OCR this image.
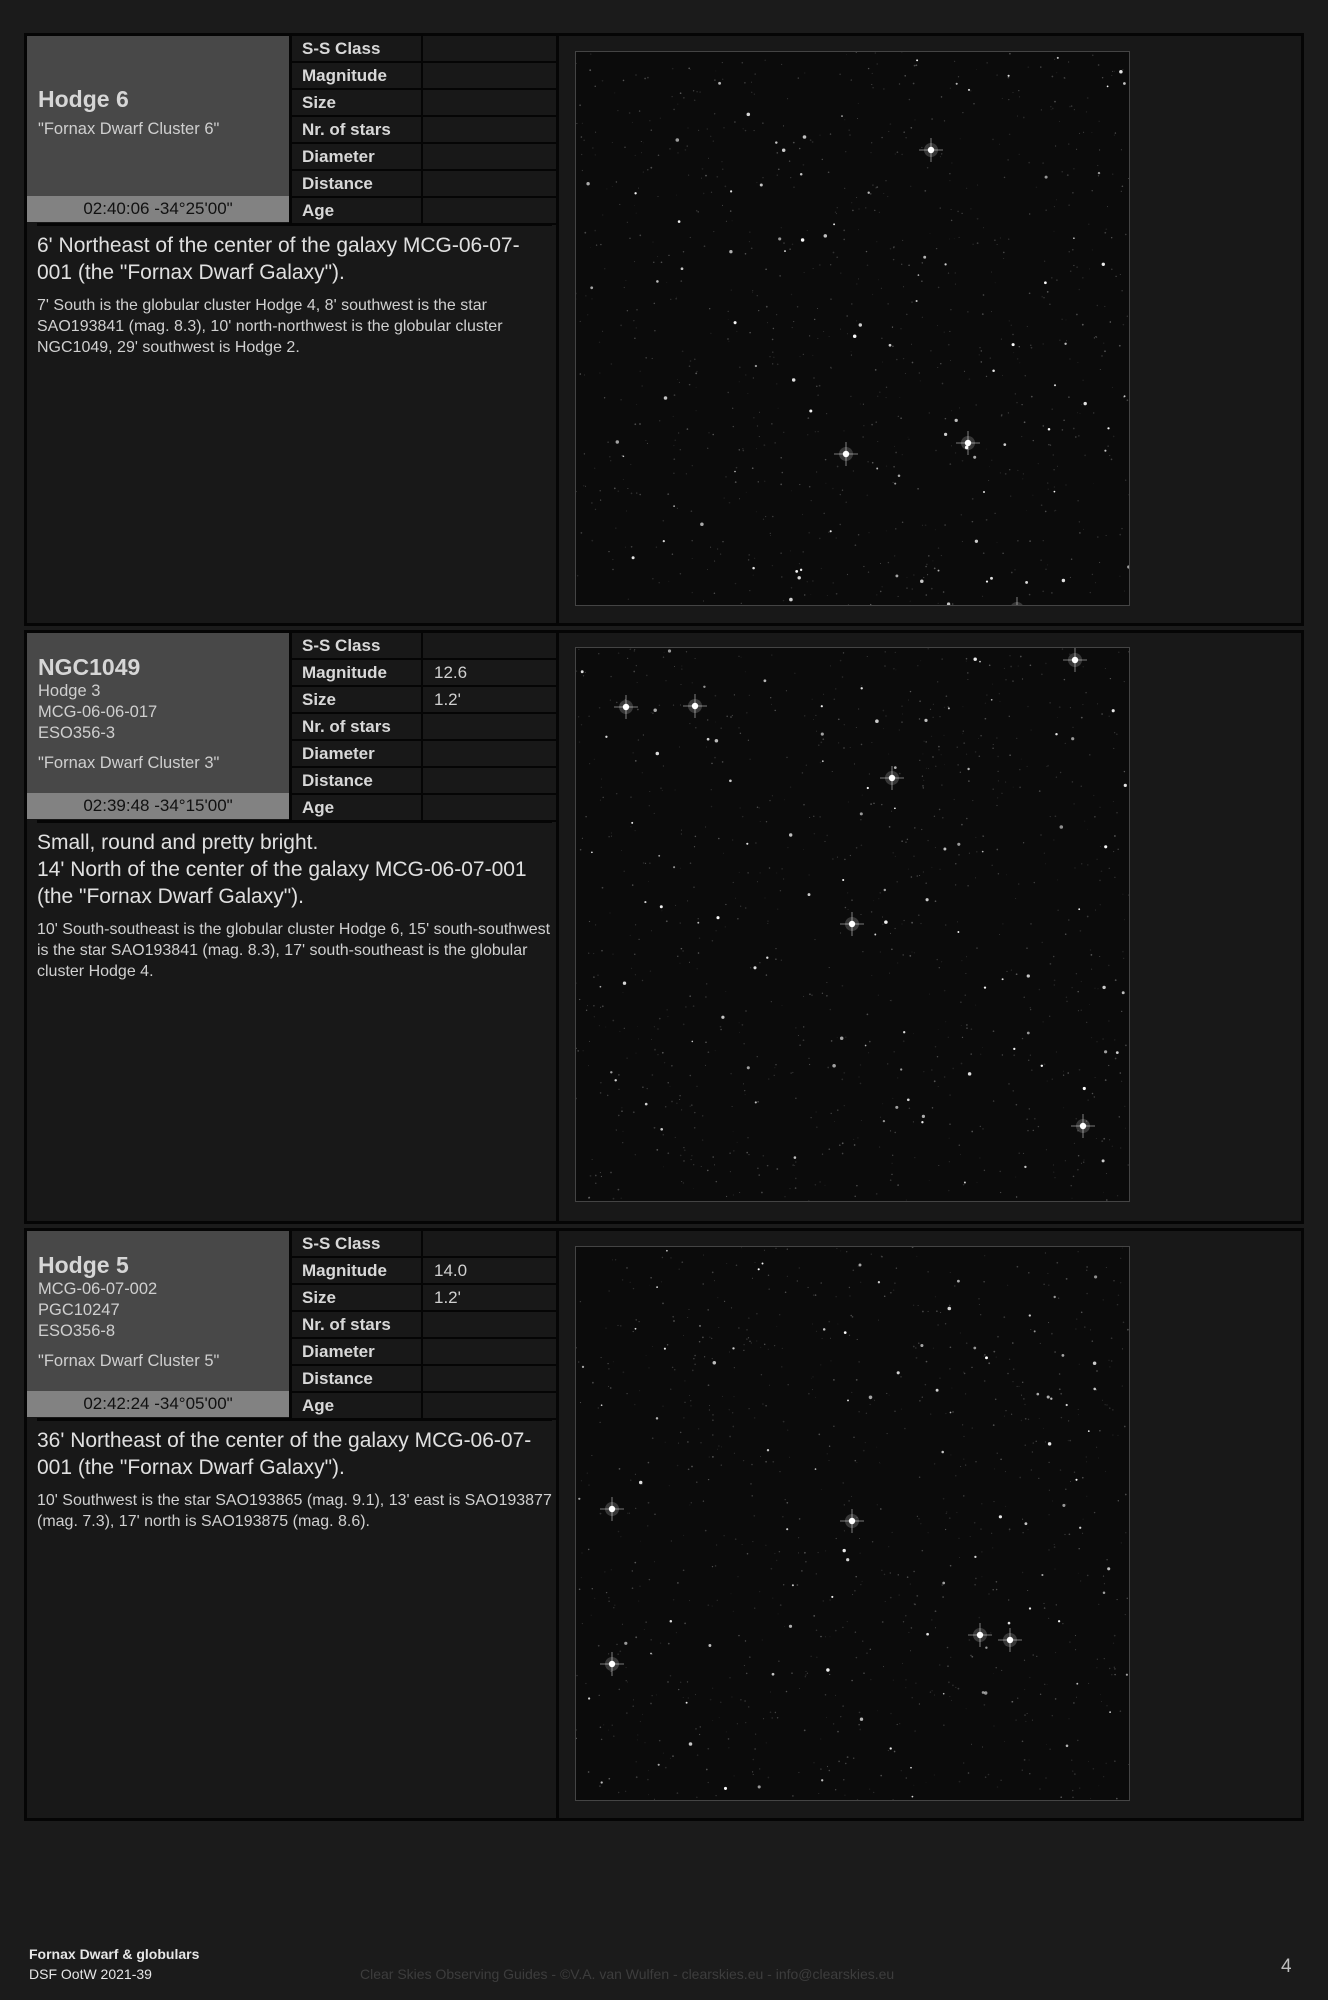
Hodge 6
"Fornax Dwarf Cluster 6"
02:40:06 -34°25'00"
S-S Class
Magnitude
Size
Nr. of stars
Diameter
Distance
Age
6' Northeast of the center of the galaxy MCG-06-07-001 (the "Fornax Dwarf Galaxy").
7' South is the globular cluster Hodge 4, 8' southwest is the star SAO193841 (mag. 8.3), 10' north-northwest is the globular cluster NGC1049, 29' southwest is Hodge 2.
NGC1049
Hodge 3
MCG-06-06-017
ESO356-3
"Fornax Dwarf Cluster 3"
02:39:48 -34°15'00"
S-S Class
Magnitude	12.6
Size	1.2'
Nr. of stars
Diameter
Distance
Age
Small, round and pretty bright.
14' North of the center of the galaxy MCG-06-07-001 (the "Fornax Dwarf Galaxy").
10' South-southeast is the globular cluster Hodge 6, 15' south-southwest is the star SAO193841 (mag. 8.3), 17' south-southeast is the globular cluster Hodge 4.
Hodge 5
MCG-06-07-002
PGC10247
ESO356-8
"Fornax Dwarf Cluster 5"
02:42:24 -34°05'00"
S-S Class
Magnitude	14.0
Size	1.2'
Nr. of stars
Diameter
Distance
Age
36' Northeast of the center of the galaxy MCG-06-07-001 (the "Fornax Dwarf Galaxy").
10' Southwest is the star SAO193865 (mag. 9.1), 13' east is SAO193877 (mag. 7.3), 17' north is SAO193875 (mag. 8.6).
Fornax Dwarf & globulars
DSF OotW 2021-39	Clear Skies Observing Guides - ©V.A. van Wulfen - clearskies.eu - info@clearskies.eu	4
